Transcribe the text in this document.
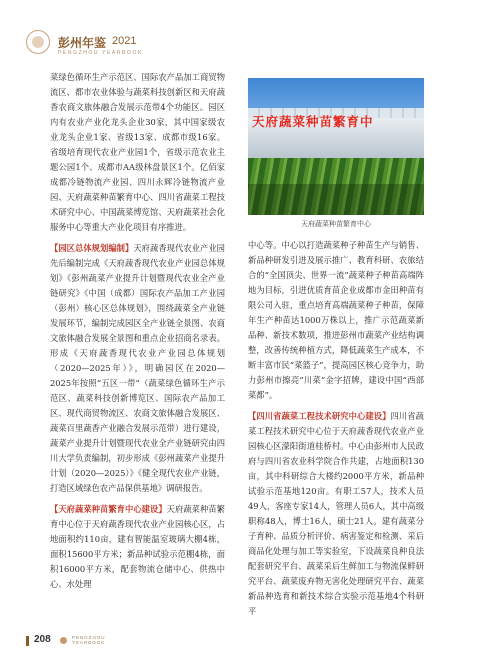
彭州年鉴 2021
PENGZHOU YEARBOOK

菜绿色循环生产示范区、国际农产品加工商贸物流区、都市农业体验与蔬菜科技创新区和天府蔬香农商文旅体融合发展示范带4个功能区。园区内有农业产业化龙头企业30家，其中国家级农业龙头企业1家、省级13家、成都市级16家。省级培育现代农业产业园1个，省级示范农业主题公园1个、成都市AA级林盘景区1个。亿佰家成都冷链物流产业园、四川永辉冷链物流产业园、天府蔬菜种苗繁育中心、四川省蔬菜工程技术研究中心、中国蔬菜博览馆、天府蔬菜社会化服务中心等重大产业化项目有序推进。

【园区总体规划编制】天府蔬香现代农业产业园先后编制完成《天府蔬香现代农业产业园总体规划》《彭州蔬菜产业提升计划暨现代农业全产业链研究》《中国（成都）国际农产品加工产业园（彭州）核心区总体规划》，围绕蔬菜全产业链发展环节，编制完成园区全产业链全景图、农商文旅体融合发展全景图和重点企业招商名录表。形成《天府蔬香现代农业产业园总体规划（2020—2025年）》，明确园区在2020—2025年按照“五区一带”（蔬菜绿色循环生产示范区、蔬菜科技创新博览区、国际农产品加工区、现代商贸物流区、农商文旅体融合发展区、蔬菜百里蔬香产业融合发展示范带）进行建设，蔬菜产业提升计划暨现代农业全产业链研究由四川大学负责编制，初步形成《彭州蔬菜产业提升计划（2020—2025）》《健全现代农业产业链，打造区域绿色农产品保供基地》调研报告。

【天府蔬菜种苗繁育中心建设】天府蔬菜种苗繁育中心位于天府蔬香现代农业产业园核心区，占地面积约110亩，建有智能温室玻璃大棚4栋，面积15600平方米；新品种试验示范棚4栋，面积16000平方米，配套物流仓储中心、供热中心、水处理

天府蔬菜种苗繁育中
天府蔬菜种苗繁育中心

中心等。中心以打造蔬菜种子种苗生产与销售、新品种研发引进及展示推广、教育科研、农旅结合的“全国顶尖、世界一流”蔬菜种子种苗高端阵地为目标，引进优质育苗企业成都市金田种苗有限公司入驻，重点培育高端蔬菜种子种苗，保障年生产种苗达1000万株以上，推广示范蔬菜新品种、新技术数项，推进彭州市蔬菜产业结构调整，改善传统种植方式，降低蔬菜生产成本，不断丰富市民“菜篮子”，提高园区核心竞争力，助力彭州市擦亮“川菜”金字招牌，建设中国“西部菜都”。

【四川省蔬菜工程技术研究中心建设】四川省蔬菜工程技术研究中心位于天府蔬香现代农业产业园核心区濛阳街道桂桥村。中心由彭州市人民政府与四川省农业科学院合作共建，占地面积130亩，其中科研综合大楼约2000平方米，新品种试验示范基地120亩。有职工57人，技术人员49人，客座专家14人，管理人员6人，其中高级职称48人，博士16人，硕士21人。建有蔬菜分子育种、品质分析评价、病害鉴定和检测、采后商品化处理与加工等实验室，下设蔬菜良种良法配套研究平台、蔬菜采后生鲜加工与物流保鲜研究平台、蔬菜废弃物无害化处理研究平台、蔬菜新品种选育和新技术综合实验示范基地4个科研平

208	PENGZHOU
YEARBOOK
